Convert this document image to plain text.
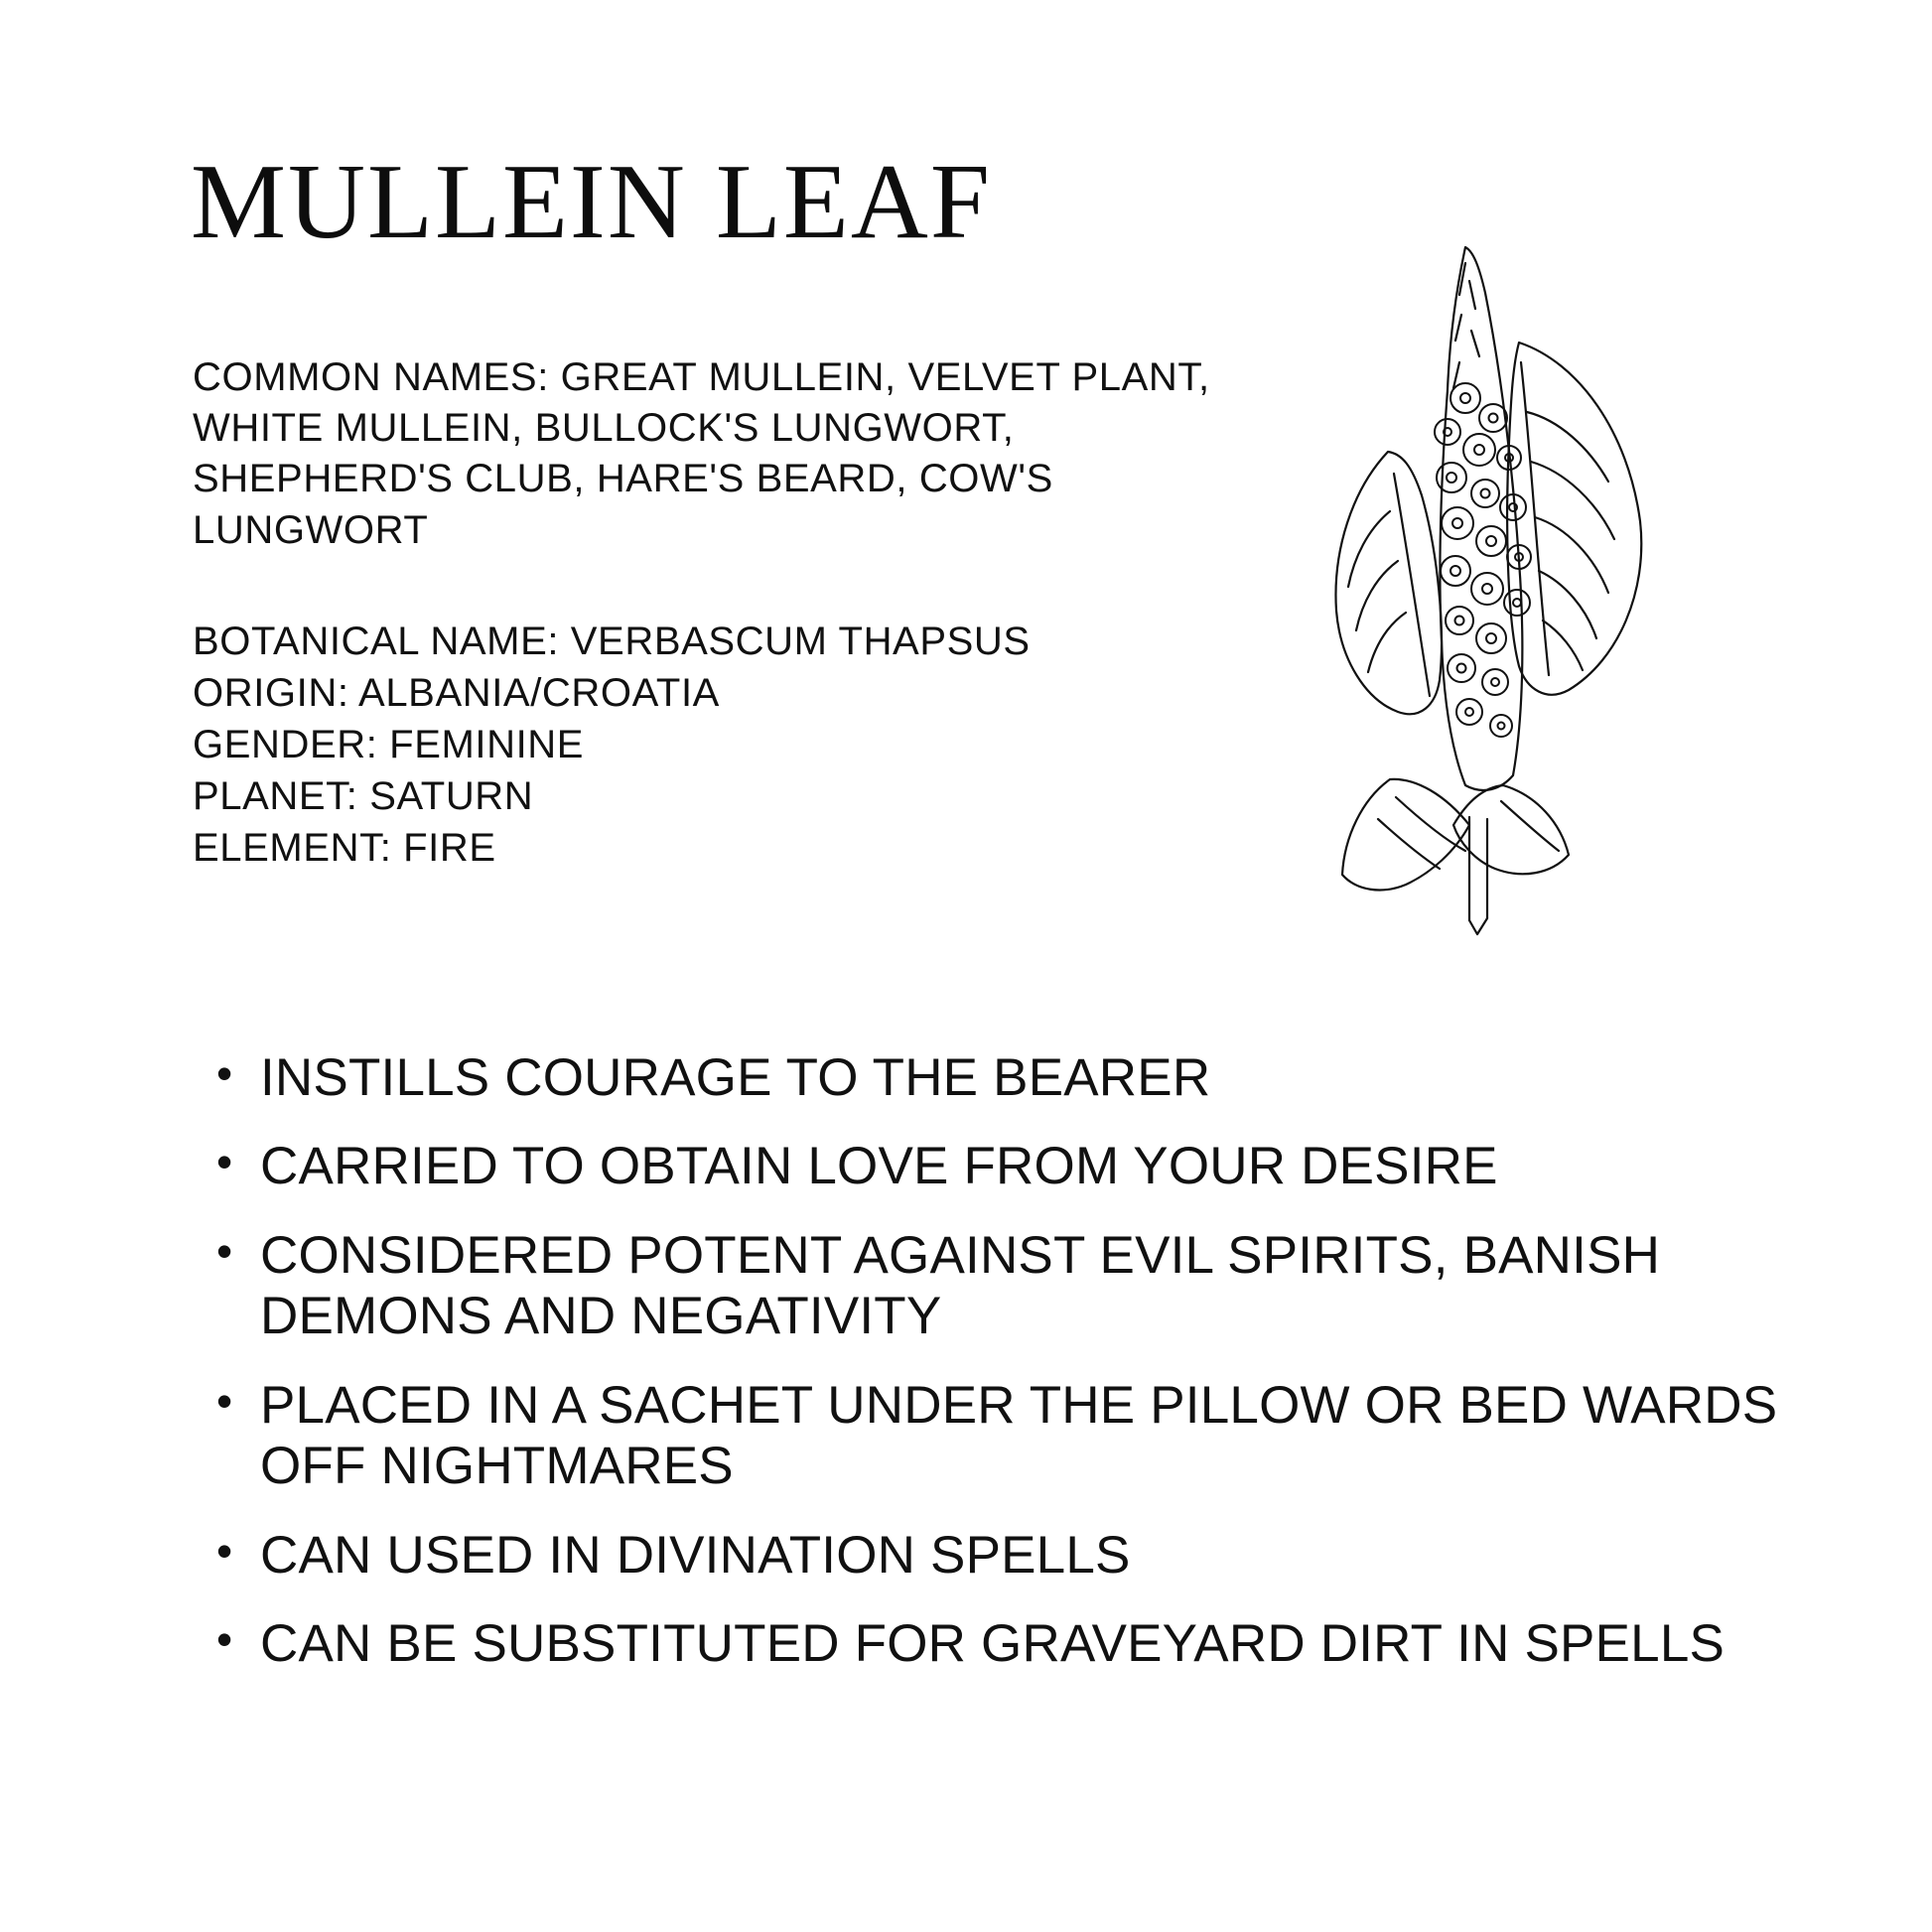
MULLEIN LEAF

COMMON NAMES: GREAT MULLEIN, VELVET PLANT, WHITE MULLEIN, BULLOCK'S LUNGWORT, SHEPHERD'S CLUB, HARE'S BEARD, COW'S LUNGWORT

BOTANICAL NAME: VERBASCUM THAPSUS
ORIGIN: ALBANIA/CROATIA
GENDER: FEMININE
PLANET: SATURN
ELEMENT: FIRE
• INSTILLS COURAGE TO THE BEARER
• CARRIED TO OBTAIN LOVE FROM YOUR DESIRE
• CONSIDERED POTENT AGAINST EVIL SPIRITS, BANISH DEMONS AND NEGATIVITY
• PLACED IN A SACHET UNDER THE PILLOW OR BED WARDS OFF NIGHTMARES
• CAN USED IN DIVINATION SPELLS
• CAN BE SUBSTITUTED FOR GRAVEYARD DIRT IN SPELLS
